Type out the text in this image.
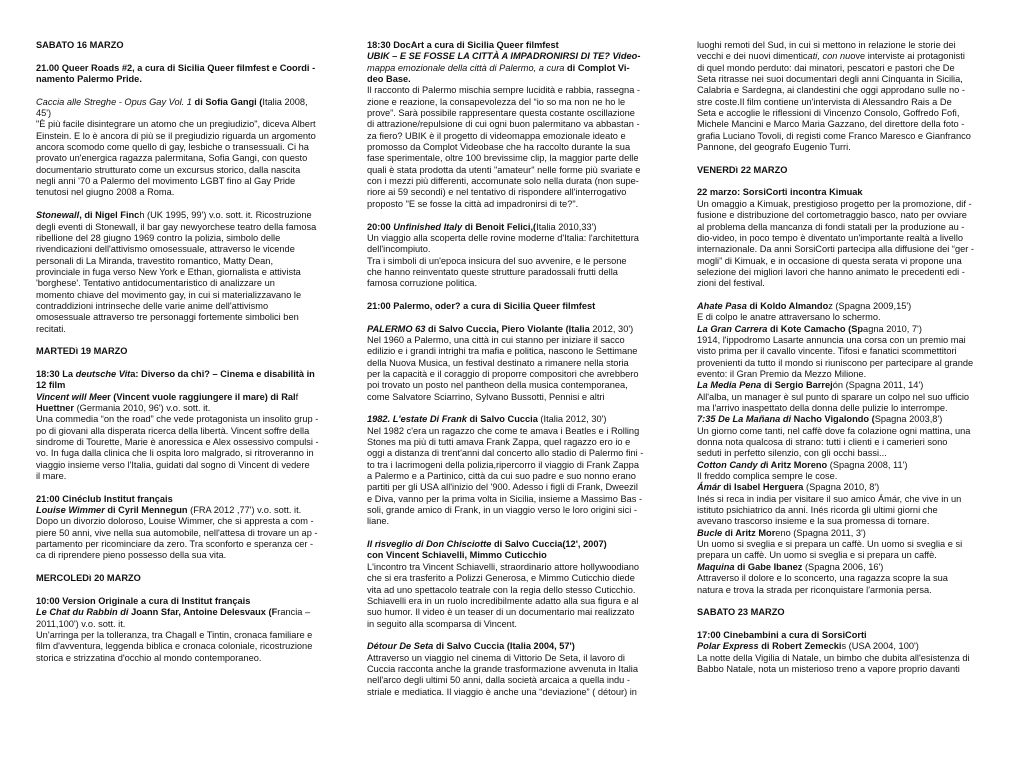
SABATO 16 MARZO
21.00 Queer Roads #2, a cura di Sicilia Queer filmfest e Coordi -
namento Palermo Pride.
Caccia alle Streghe - Opus Gay Vol. 1 di Sofia Gangi (Italia 2008,
45')
"È più facile disintegrare un atomo che un pregiudizio", diceva Albert
Einstein. E lo è ancora di più se il pregiudizio riguarda un argomento
ancora scomodo come quello di gay, lesbiche o transessuali. Ci ha
provato un'energica ragazza palermitana, Sofia Gangi, con questo
documentario strutturato come un excursus storico, dalla nascita
negli anni '70 a Palermo del movimento LGBT fino al Gay Pride
tenutosi nel giugno 2008 a Roma.
Stonewall, di Nigel Finch (UK 1995, 99') v.o. sott. it. Ricostruzione
degli eventi di Stonewall, il bar gay newyorchese teatro della famosa
ribellione del 28 giugno 1969 contro la polizia, simbolo delle
rivendicazioni dell'attivismo omosessuale, attraverso le vicende
personali di La Miranda, travestito romantico, Matty Dean,
provinciale in fuga verso New York e Ethan, giornalista e attivista
'borghese'. Tentativo antidocumentaristico di analizzare un
momento chiave del movimento gay, in cui si materializzavano le
contraddizioni intrinseche delle varie anime dell'attivismo
omosessuale attraverso tre personaggi fortemente simbolici ben
recitati.
MARTEDì 19 MARZO
18:30 La deutsche Vita: Diverso da chi? – Cinema e disabilità in
12 film
Vincent will Meer (Vincent vuole raggiungere il mare) di Ralf
Huettner (Germania 2010, 96') v.o. sott. it.
Una commedia “on the road” che vede protagonista un insolito grup -
po di giovani alla disperata ricerca della libertà. Vincent soffre della
sindrome di Tourette, Marie è anoressica e Alex ossessivo compulsi -
vo. In fuga dalla clinica che li ospita loro malgrado, si ritroveranno in
viaggio insieme verso l'Italia, guidati dal sogno di Vincent di vedere
il mare.
21:00 Cinéclub Institut français
Louise Wimmer di Cyril Mennegun (FRA 2012 ,77') v.o. sott. it.
Dopo un divorzio doloroso, Louise Wimmer, che si appresta a com -
piere 50 anni, vive nella sua automobile, nell'attesa di trovare un ap -
partamento per ricominciare da zero. Tra sconforto e speranza cer -
ca di riprendere pieno possesso della sua vita.
MERCOLEDì 20 MARZO
10:00 Version Originale a cura di Institut français
Le Chat du Rabbin di Joann Sfar, Antoine Delesvaux (Francia –
2011,100') v.o. sott. it.
Un'arringa per la tolleranza, tra Chagall e Tintin, cronaca familiare e
film d'avventura, leggenda biblica e cronaca coloniale, ricostruzione
storica e strizzatina d'occhio al mondo contemporaneo.
18:30 DocArt a cura di Sicilia Queer filmfest
UBIK – E SE FOSSE LA CITTÀ A IMPADRONIRSI DI TE? Video-
mappa emozionale della città di Palermo, a cura di Complot Vi-
deo Base.
Il racconto di Palermo mischia sempre lucidità e rabbia, rassegna -
zione e reazione, la consapevolezza del “io so ma non ne ho le
prove”. Sarà possibile rappresentare questa costante oscillazione
di attrazione/repulsione di cui ogni buon palermitano va abbastan -
za fiero? UBIK è il progetto di videomappa emozionale ideato e
promosso da Complot Videobase che ha raccolto durante la sua
fase sperimentale, oltre 100 brevissime clip, la maggior parte delle
quali è stata prodotta da utenti "amateur" nelle forme più svariate e
con i mezzi più differenti, accomunate solo nella durata (non supe-
riore ai 59 secondi) e nel tentativo di rispondere all'interrogativo
proposto "E se fosse la città ad impadronirsi di te?".
20:00 Unfinished Italy di Benoit Felici,(Italia 2010,33')
Un viaggio alla scoperta delle rovine moderne d'Italia: l'architettura
dell'incompiuto.
Tra i simboli di un'epoca insicura del suo avvenire, e le persone
che hanno reinventato queste strutture paradossali frutti della
famosa corruzione politica.
21:00 Palermo, oder? a cura di Sicilia Queer filmfest
PALERMO 63 di Salvo Cuccia, Piero Violante (Italia 2012, 30')
Nel 1960 a Palermo, una città in cui stanno per iniziare il sacco
edilizio e i grandi intrighi tra mafia e politica, nascono le Settimane
della Nuova Musica, un festival destinato a rimanere nella storia
per la capacità e il coraggio di proporre compositori che avrebbero
poi trovato un posto nel pantheon della musica contemporanea,
come Salvatore Sciarrino, Sylvano Bussotti, Pennisi e altri
1982. L'estate Di Frank di Salvo Cuccia (Italia 2012, 30')
Nel 1982 c'era un ragazzo che come te amava i Beatles e i Rolling
Stones ma più di tutti amava Frank Zappa, quel ragazzo ero io e
oggi a distanza di trent'anni dal concerto allo stadio di Palermo fini -
to tra i lacrimogeni della polizia,ripercorro il viaggio di Frank Zappa
a Palermo e a Partinico, città da cui suo padre e suo nonno erano
partiti per gli USA all'inizio del '900. Adesso i figli di Frank, Dweezil
e Diva, vanno per la prima volta in Sicilia, insieme a Massimo Bas -
soli, grande amico di Frank, in un viaggio verso le loro origini sici -
liane.
Il risveglio di Don Chisciotte di Salvo Cuccia(12', 2007)
con Vincent Schiavelli, Mimmo Cuticchio
L'incontro tra Vincent Schiavelli, straordinario attore hollywoodiano
che si era trasferito a Polizzi Generosa, e Mimmo Cuticchio diede
vita ad uno spettacolo teatrale con la regia dello stesso Cuticchio.
Schiavelli era in un ruolo incredibilmente adatto alla sua figura e al
suo humor. Il video è un teaser di un documentario mai realizzato
in seguito alla scomparsa di Vincent.
Détour De Seta di Salvo Cuccia (Italia 2004, 57')
Attraverso un viaggio nel cinema di Vittorio De Seta, il lavoro di
Cuccia racconta anche la grande trasformazione avvenuta in Italia
nell'arco degli ultimi 50 anni, dalla società arcaica a quella indu -
striale e mediatica. Il viaggio è anche una “deviazione” ( détour) in
luoghi remoti del Sud, in cui si mettono in relazione le storie dei
vecchi e dei nuovi dimenticati, con nuove interviste ai protagonisti
di quel mondo perduto: dai minatori, pescatori e pastori che De
Seta ritrasse nei suoi documentari degli anni Cinquanta in Sicilia,
Calabria e Sardegna, ai clandestini che oggi approdano sulle no -
stre coste.Il film contiene un'intervista di Alessandro Rais a De
Seta e accoglie le riflessioni di Vincenzo Consolo, Goffredo Fofi,
Michele Mancini e Marco Maria Gazzano, del direttore della foto -
grafia Luciano Tovoli, di registi come Franco Maresco e Gianfranco
Pannone, del geografo Eugenio Turri.
VENERDì 22 MARZO
22 marzo: SorsiCorti incontra Kimuak
Un omaggio a Kimuak, prestigioso progetto per la promozione, dif -
fusione e distribuzione del cortometraggio basco, nato per ovviare
al problema della mancanza di fondi statali per la produzione au -
dio-video, in poco tempo è diventato un'importante realtà a livello
internazionale. Da anni SorsiCorti partecipa alla diffusione dei “ger -
mogli” di Kimuak, e in occasione di questa serata vi propone una
selezione dei migliori lavori che hanno animato le precedenti edi -
zioni del festival.
Ahate Pasa di Koldo Almandoz (Spagna 2009,15')
E di colpo le anatre attraversano lo schermo.
La Gran Carrera di Kote Camacho (Spagna 2010, 7')
1914, l'ippodromo Lasarte annuncia una corsa con un premio mai
visto prima per il cavallo vincente. Tifosi e fanatici scommettitori
provenienti da tutto il mondo si riuniscono per partecipare al grande
evento: il Gran Premio da Mezzo Milione.
La Media Pena di Sergio Barrejón (Spagna 2011, 14')
All'alba, un manager è sul punto di sparare un colpo nel suo ufficio
ma l'arrivo inaspettato della donna delle pulizie lo interrompe.
7:35 De La Mañana di Nacho Vigalondo (Spagna 2003,8')
Un giorno come tanti, nel caffè dove fa colazione ogni mattina, una
donna nota qualcosa di strano: tutti i clienti e i camerieri sono
seduti in perfetto silenzio, con gli occhi bassi...
Cotton Candy di Aritz Moreno (Spagna 2008, 11')
Il freddo complica sempre le cose.
Ámár di Isabel Herguera (Spagna 2010, 8')
Inés si reca in india per visitare il suo amico Ámár, che vive in un
istituto psichiatrico da anni. Inés ricorda gli ultimi giorni che
avevano trascorso insieme e la sua promessa di tornare.
Bucle di Aritz Moreno (Spagna 2011, 3')
Un uomo si sveglia e si prepara un caffè. Un uomo si sveglia e si
prepara un caffè. Un uomo si sveglia e si prepara un caffè.
Maquina di Gabe Ibanez (Spagna 2006, 16')
Attraverso il dolore e lo sconcerto, una ragazza scopre la sua
natura e trova la strada per riconquistare l'armonia persa.
SABATO 23 MARZO
17:00 Cinebambini a cura di SorsiCorti
Polar Express di Robert Zemeckis (USA 2004, 100')
La notte della Vigilia di Natale, un bimbo che dubita all'esistenza di
Babbo Natale, nota un misterioso treno a vapore proprio davanti
